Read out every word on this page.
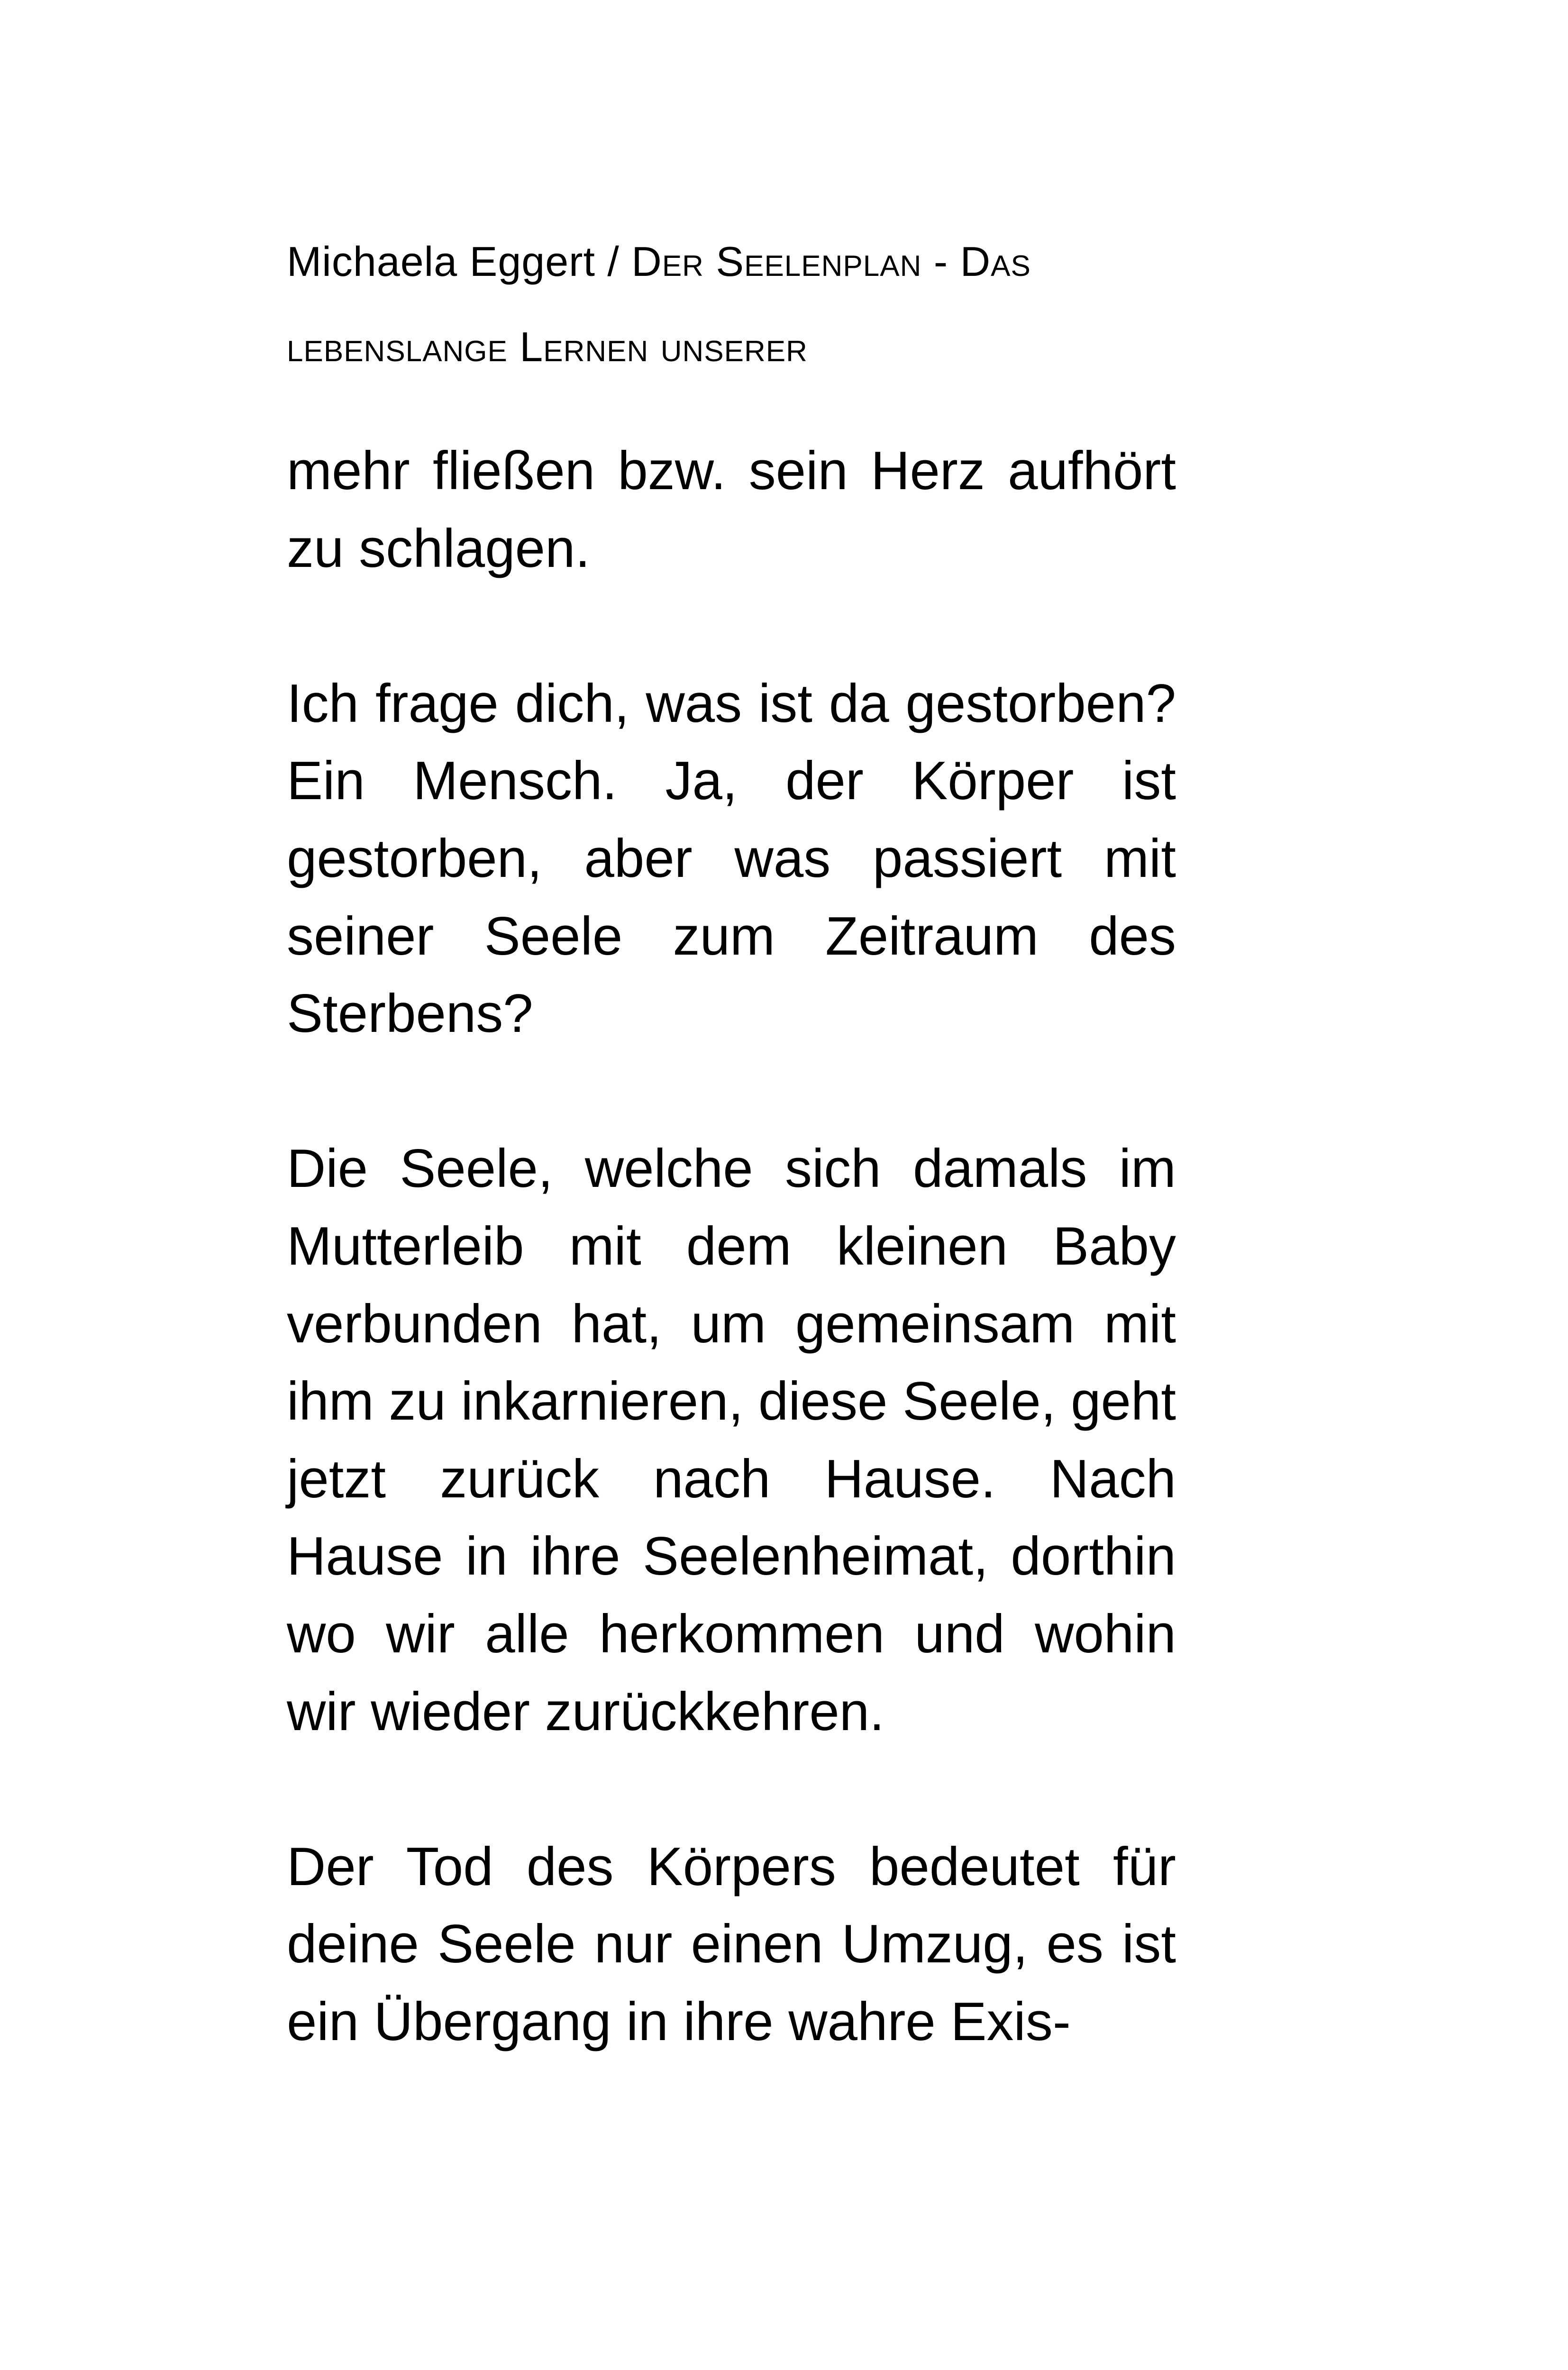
Michaela Eggert / Der Seelenplan - Das
lebenslange Lernen unserer

mehr fließen bzw. sein Herz aufhört zu schlagen.

Ich frage dich, was ist da gestorben? Ein Mensch. Ja, der Körper ist gestorben, aber was passiert mit seiner Seele zum Zeitraum des Sterbens?

Die Seele, welche sich damals im Mutterleib mit dem kleinen Baby verbunden hat, um gemeinsam mit ihm zu inkarnieren, diese Seele, geht jetzt zurück nach Hause. Nach Hause in ihre Seelenheimat, dorthin wo wir alle herkommen und wohin wir wieder zurückkehren.

Der Tod des Körpers bedeutet für deine Seele nur einen Umzug, es ist ein Übergang in ihre wahre Exis-
